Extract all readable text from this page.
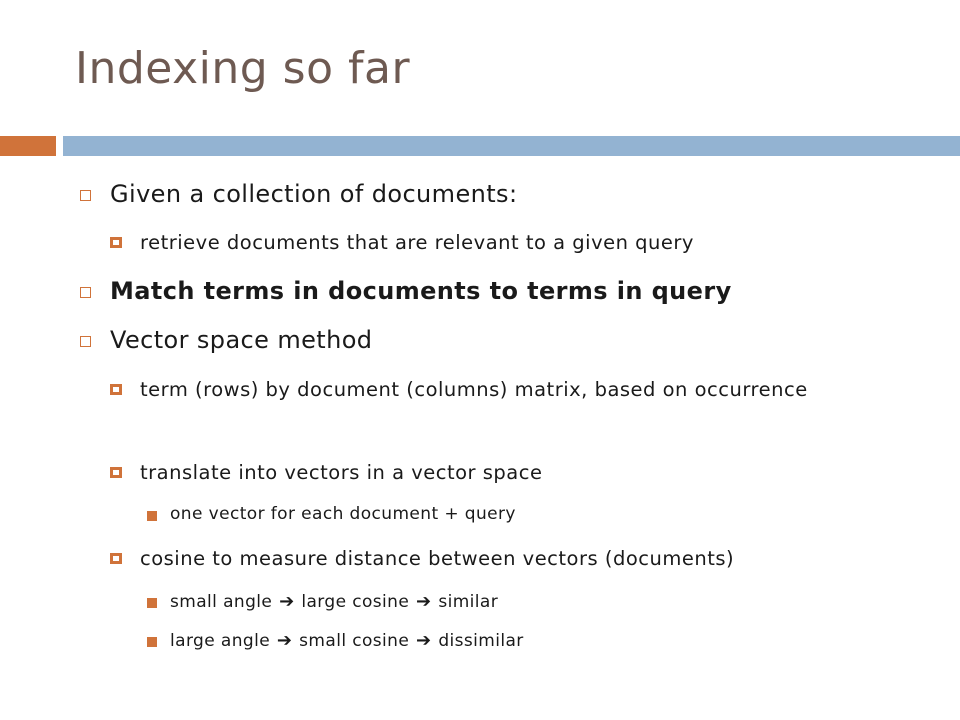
Indexing so far
Given a collection of documents:
retrieve documents that are relevant to a given query
Match terms in documents to terms in query
Vector space method
term (rows) by document (columns) matrix, based on occurrence
translate into vectors in a vector space
one vector for each document + query
cosine to measure distance between vectors (documents)
small angle ➔ large cosine ➔ similar
large angle ➔ small cosine ➔ dissimilar
